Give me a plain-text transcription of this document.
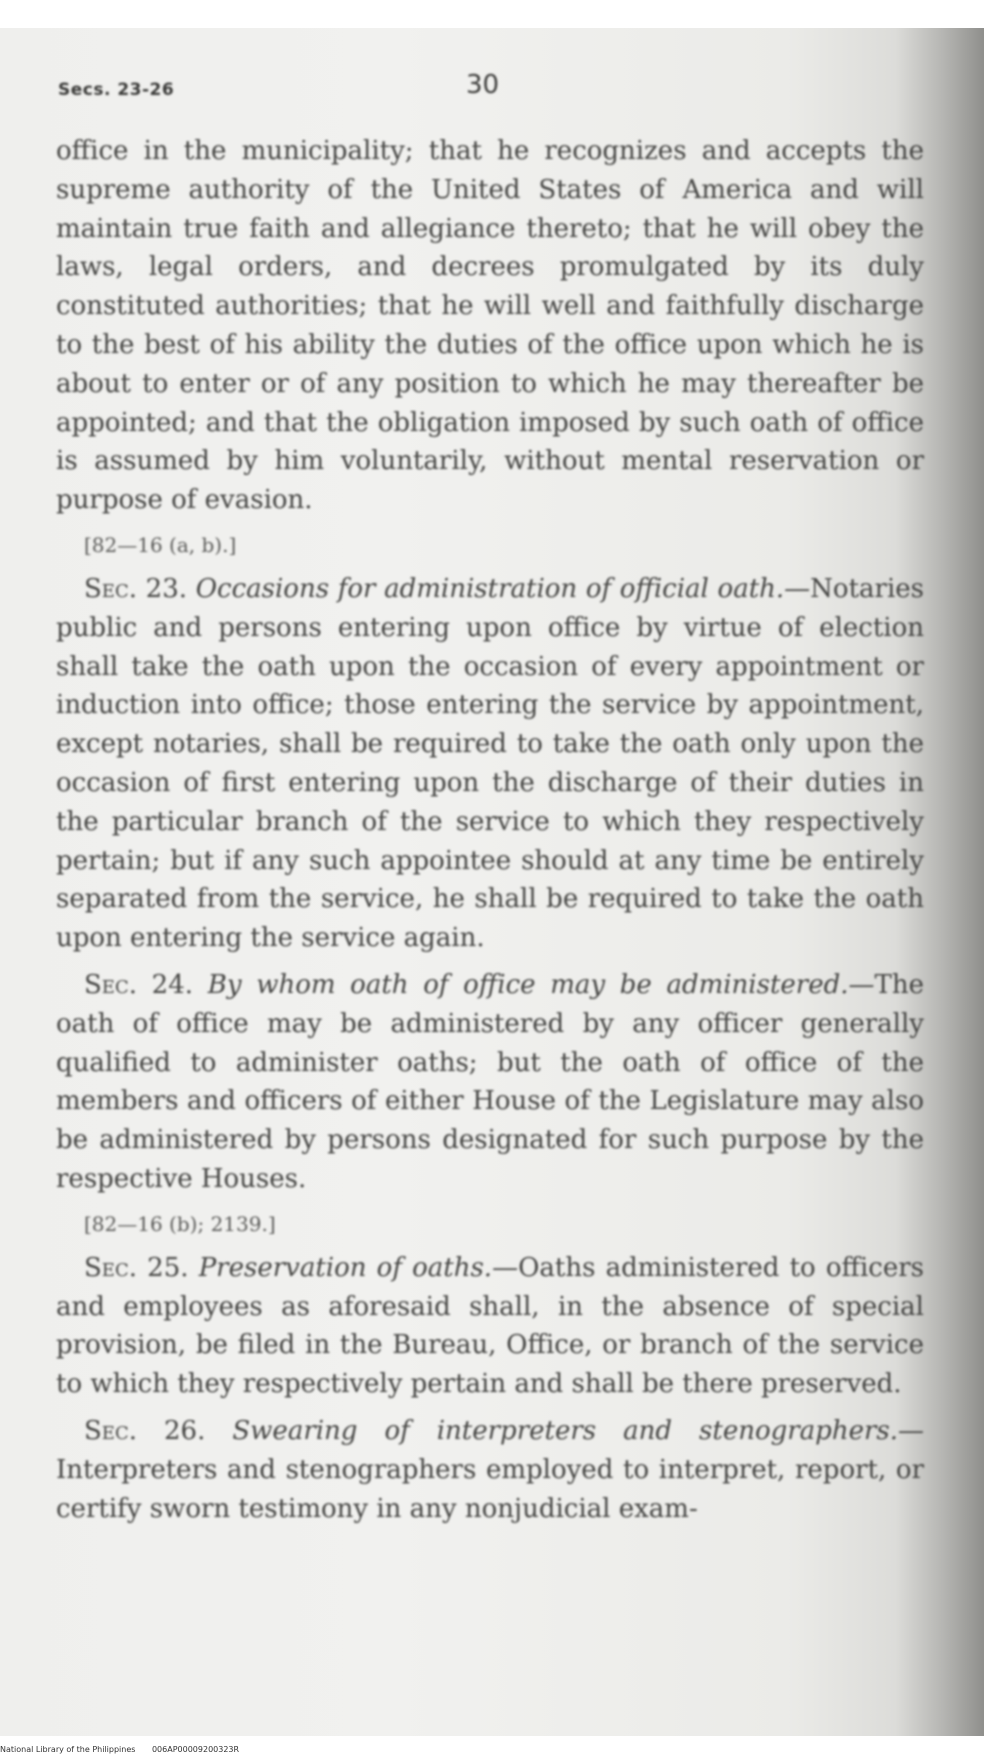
Secs. 23-26	30

office in the municipality; that he recognizes and accepts the supreme authority of the United States of America and will maintain true faith and allegiance thereto; that he will obey the laws, legal orders, and decrees promulgated by its duly constituted authorities; that he will well and faithfully discharge to the best of his ability the duties of the office upon which he is about to enter or of any position to which he may thereafter be appointed; and that the obligation imposed by such oath of office is assumed by him voluntarily, without mental reservation or purpose of evasion.

[82—16 (a, b).]

Sec. 23. Occasions for administration of official oath.—Notaries public and persons entering upon office by virtue of election shall take the oath upon the occasion of every appointment or induction into office; those entering the service by appointment, except notaries, shall be required to take the oath only upon the occasion of first entering upon the discharge of their duties in the particular branch of the service to which they respectively pertain; but if any such appointee should at any time be entirely separated from the service, he shall be required to take the oath upon entering the service again.

Sec. 24. By whom oath of office may be administered.—The oath of office may be administered by any officer generally qualified to administer oaths; but the oath of office of the members and officers of either House of the Legislature may also be administered by persons designated for such purpose by the respective Houses.

[82—16 (b); 2139.]

Sec. 25. Preservation of oaths.—Oaths administered to officers and employees as aforesaid shall, in the absence of special provision, be filed in the Bureau, Office, or branch of the service to which they respectively pertain and shall be there preserved.

Sec. 26. Swearing of interpreters and stenographers.—Interpreters and stenographers employed to interpret, report, or certify sworn testimony in any nonjudicial exam-

National Library of the Philippines 006AP00009200323R
